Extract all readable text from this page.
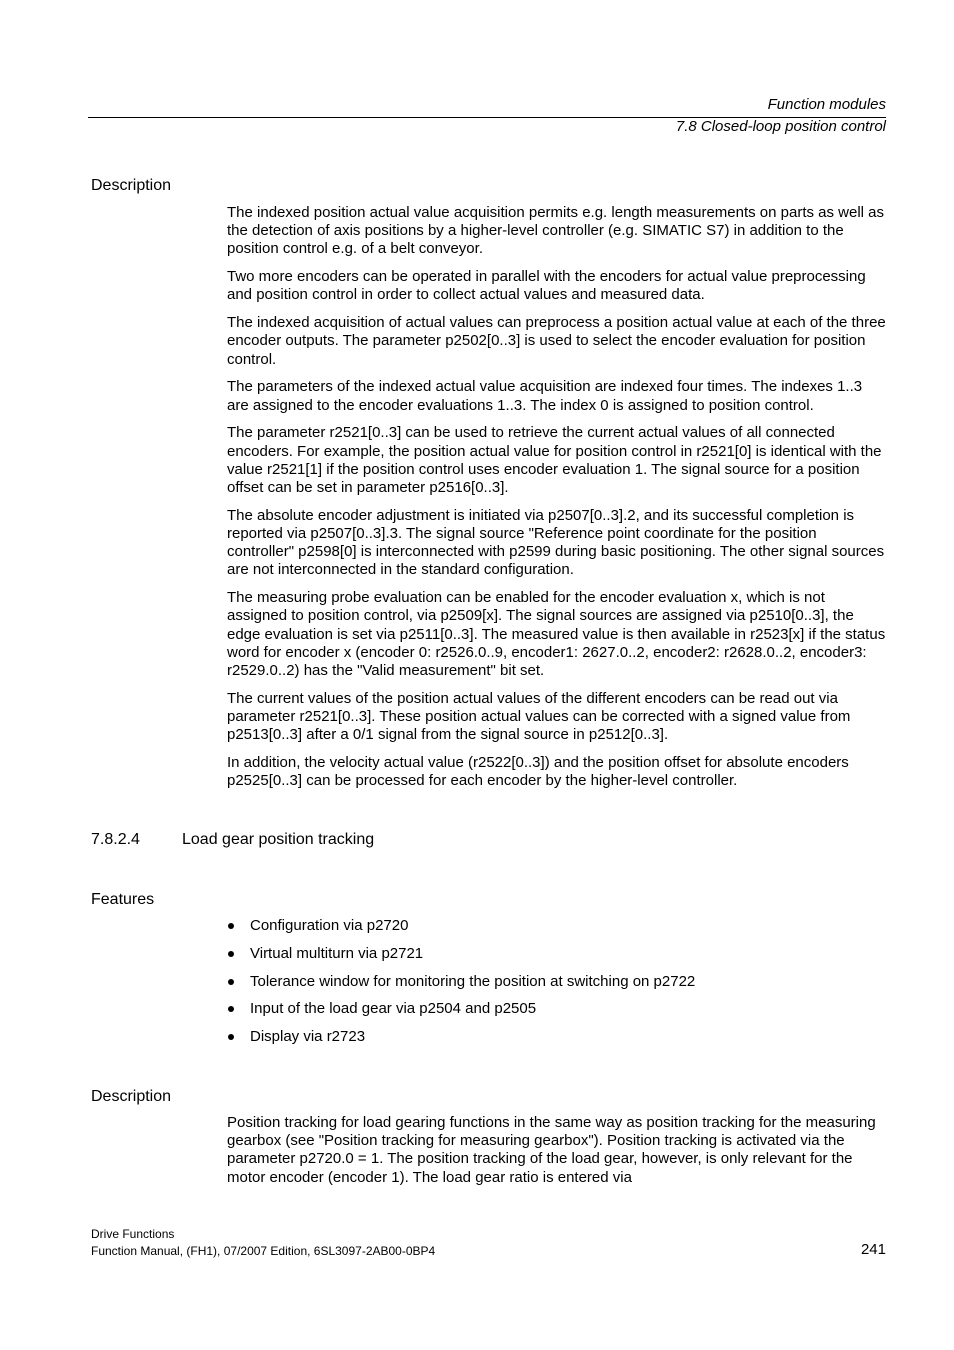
Function modules
7.8 Closed-loop position control
Description

The indexed position actual value acquisition permits e.g. length measurements on parts as well as the detection of axis positions by a higher-level controller (e.g. SIMATIC S7) in addition to the position control e.g. of a belt conveyor.

Two more encoders can be operated in parallel with the encoders for actual value preprocessing and position control in order to collect actual values and measured data.

The indexed acquisition of actual values can preprocess a position actual value at each of the three encoder outputs. The parameter p2502[0..3] is used to select the encoder evaluation for position control.

The parameters of the indexed actual value acquisition are indexed four times. The indexes 1..3 are assigned to the encoder evaluations 1..3. The index 0 is assigned to position control.

The parameter r2521[0..3] can be used to retrieve the current actual values of all connected encoders. For example, the position actual value for position control in r2521[0] is identical with the value r2521[1] if the position control uses encoder evaluation 1. The signal source for a position offset can be set in parameter p2516[0..3].

The absolute encoder adjustment is initiated via p2507[0..3].2, and its successful completion is reported via p2507[0..3].3. The signal source "Reference point coordinate for the position controller" p2598[0] is interconnected with p2599 during basic positioning. The other signal sources are not interconnected in the standard configuration.

The measuring probe evaluation can be enabled for the encoder evaluation x, which is not assigned to position control, via p2509[x]. The signal sources are assigned via p2510[0..3], the edge evaluation is set via p2511[0..3]. The measured value is then available in r2523[x] if the status word for encoder x (encoder 0: r2526.0..9, encoder1: 2627.0..2, encoder2: r2628.0..2, encoder3: r2529.0..2) has the "Valid measurement" bit set.

The current values of the position actual values of the different encoders can be read out via parameter r2521[0..3]. These position actual values can be corrected with a signed value from p2513[0..3] after a 0/1 signal from the signal source in p2512[0..3].

In addition, the velocity actual value (r2522[0..3]) and the position offset for absolute encoders p2525[0..3] can be processed for each encoder by the higher-level controller.

7.8.2.4	Load gear position tracking
Features
Configuration via p2720
Virtual multiturn via p2721
Tolerance window for monitoring the position at switching on p2722
Input of the load gear via p2504 and p2505
Display via r2723
Description

Position tracking for load gearing functions in the same way as position tracking for the measuring gearbox (see "Position tracking for measuring gearbox"). Position tracking is activated via the parameter p2720.0 = 1. The position tracking of the load gear, however, is only relevant for the motor encoder (encoder 1). The load gear ratio is entered via

Drive Functions
Function Manual, (FH1), 07/2007 Edition, 6SL3097-2AB00-0BP4	241
